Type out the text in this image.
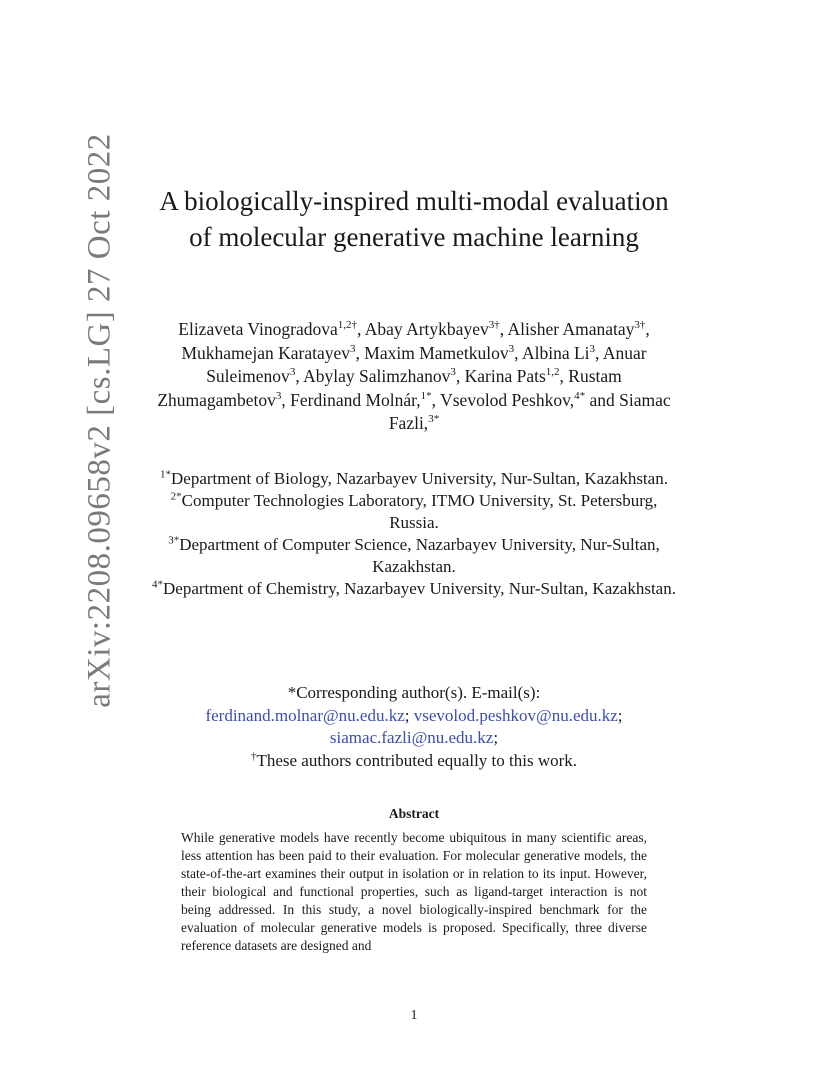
arXiv:2208.09658v2 [cs.LG] 27 Oct 2022	A biologically-inspired multi-modal evaluation of molecular generative machine learning

Elizaveta Vinogradova$^{1,2\dagger}$, Abay Artykbayev$^{3\dagger}$, Alisher Amanatay$^{3\dagger}$, Mukhamejan Karatayev$^3$, Maxim Mametkulov$^3$, Albina Li$^3$, Anuar Suleimenov$^3$, Abylay Salimzhanov$^3$, Karina Pats$^{1,2}$, Rustam Zhumagambetov$^3$, Ferdinand Molnár,$^{1*}$, Vsevolod Peshkov,$^{4*}$ and Siamac Fazli,$^{3*}$

$^{1*}$Department of Biology, Nazarbayev University, Nur-Sultan, Kazakhstan.

$^{2*}$Computer Technologies Laboratory, ITMO University, St. Petersburg, Russia.

$^{3*}$Department of Computer Science, Nazarbayev University, Nur-Sultan, Kazakhstan.

$^{4*}$Department of Chemistry, Nazarbayev University, Nur-Sultan, Kazakhstan.

*Corresponding author(s). E-mail(s):

ferdinand.molnar@nu.edu.kz; vsevolod.peshkov@nu.edu.kz;

siamac.fazli@nu.edu.kz;

†These authors contributed equally to this work.

Abstract

While generative models have recently become ubiquitous in many scientific areas, less attention has been paid to their evaluation. For molecular generative models, the state-of-the-art examines their output in isolation or in relation to its input. However, their biological and functional properties, such as ligand-target interaction is not being addressed. In this study, a novel biologically-inspired benchmark for the evaluation of molecular generative models is proposed. Specifically, three diverse reference datasets are designed and

1
